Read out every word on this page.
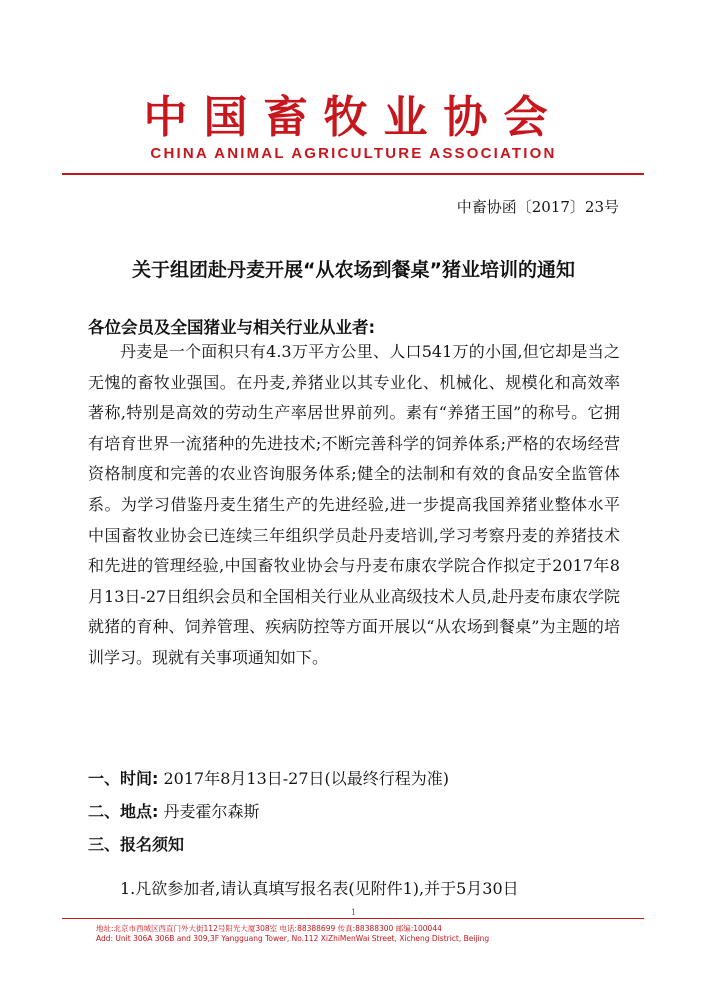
中国畜牧业协会
CHINA ANIMAL AGRICULTURE ASSOCIATION
中畜协函〔2017〕23号
关于组团赴丹麦开展“从农场到餐桌”猪业培训的通知
各位会员及全国猪业与相关行业从业者:

丹麦是一个面积只有4.3万平方公里、人口541万的小国,但它却是当之无愧的畜牧业强国。在丹麦,养猪业以其专业化、机械化、规模化和高效率著称,特别是高效的劳动生产率居世界前列。素有“养猪王国”的称号。它拥有培育世界一流猪种的先进技术;不断完善科学的饲养体系;严格的农场经营资格制度和完善的农业咨询服务体系;健全的法制和有效的食品安全监管体系。为学习借鉴丹麦生猪生产的先进经验,进一步提高我国养猪业整体水平中国畜牧业协会已连续三年组织学员赴丹麦培训,学习考察丹麦的养猪技术和先进的管理经验,中国畜牧业协会与丹麦布康农学院合作拟定于2017年8月13日-27日组织会员和全国相关行业从业高级技术人员,赴丹麦布康农学院就猪的育种、饲养管理、疾病防控等方面开展以“从农场到餐桌”为主题的培训学习。现就有关事项通知如下。

一、时间: 2017年8月13日-27日(以最终行程为准)
二、地点: 丹麦霍尔森斯
三、报名须知
1.凡欲参加者,请认真填写报名表(见附件1),并于5月30日
1
地址:北京市西城区西直门外大街112号阳光大厦308室 电话:88388699 传真:88388300 邮编:100044
Add: Unit 306A 306B and 309,3F Yangguang Tower, No.112 XiZhiMenWai Street, Xicheng District, Beijing
